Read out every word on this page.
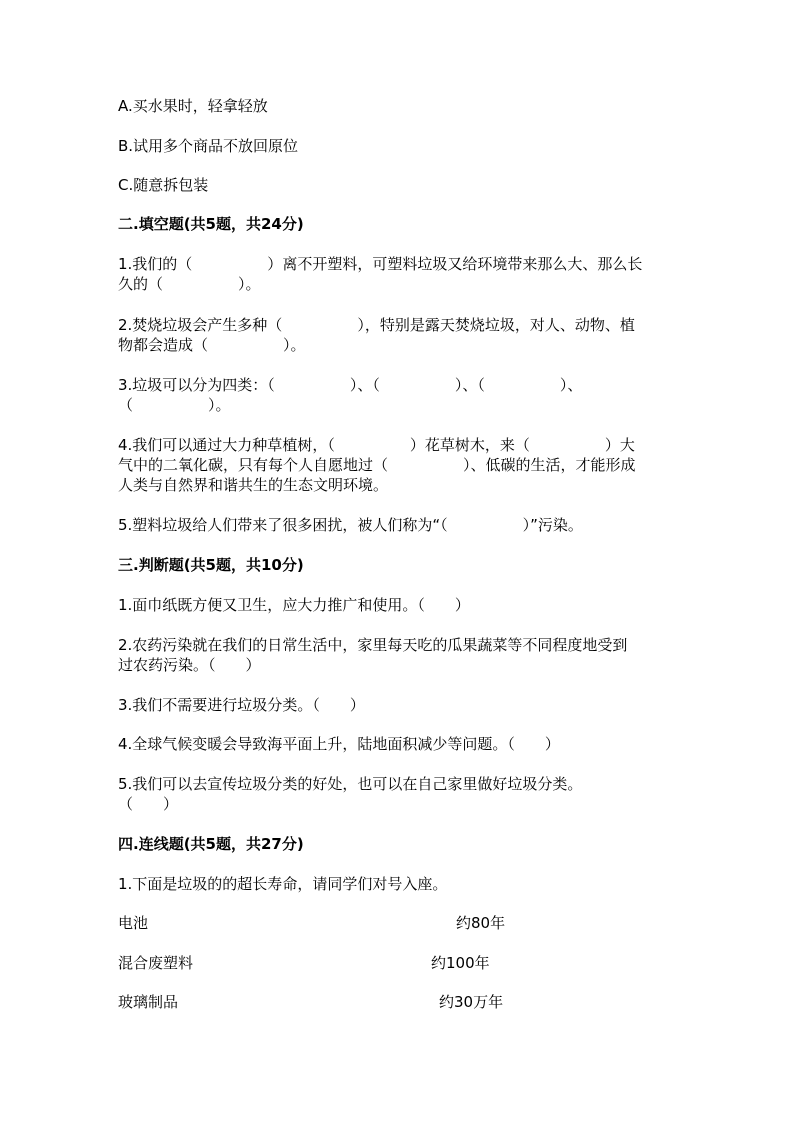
A.买水果时，轻拿轻放
B.试用多个商品不放回原位
C.随意拆包装
二.填空题(共5题，共24分)
1.我们的（　　　　　）离不开塑料，可塑料垃圾又给环境带来那么大、那么长
久的（　　　　　）。
2.焚烧垃圾会产生多种（　　　　　），特别是露天焚烧垃圾，对人、动物、植
物都会造成（　　　　　）。
3.垃圾可以分为四类：（　　　　　）、（　　　　　）、（　　　　　）、
（　　　　　）。
4.我们可以通过大力种草植树，（　　　　　）花草树木，来（　　　　　）大
气中的二氧化碳，只有每个人自愿地过（　　　　　）、低碳的生活，才能形成
人类与自然界和谐共生的生态文明环境。
5.塑料垃圾给人们带来了很多困扰，被人们称为“（　　　　　）”污染。
三.判断题(共5题，共10分)
1.面巾纸既方便又卫生，应大力推广和使用。（　　）
2.农药污染就在我们的日常生活中，家里每天吃的瓜果蔬菜等不同程度地受到
过农药污染。（　　）
3.我们不需要进行垃圾分类。（　　）
4.全球气候变暖会导致海平面上升，陆地面积减少等问题。（　　）
5.我们可以去宣传垃圾分类的好处，也可以在自己家里做好垃圾分类。
（　　）
四.连线题(共5题，共27分)
1.下面是垃圾的的超长寿命，请同学们对号入座。
电池	约80年
混合废塑料	约100年
玻璃制品	约30万年
